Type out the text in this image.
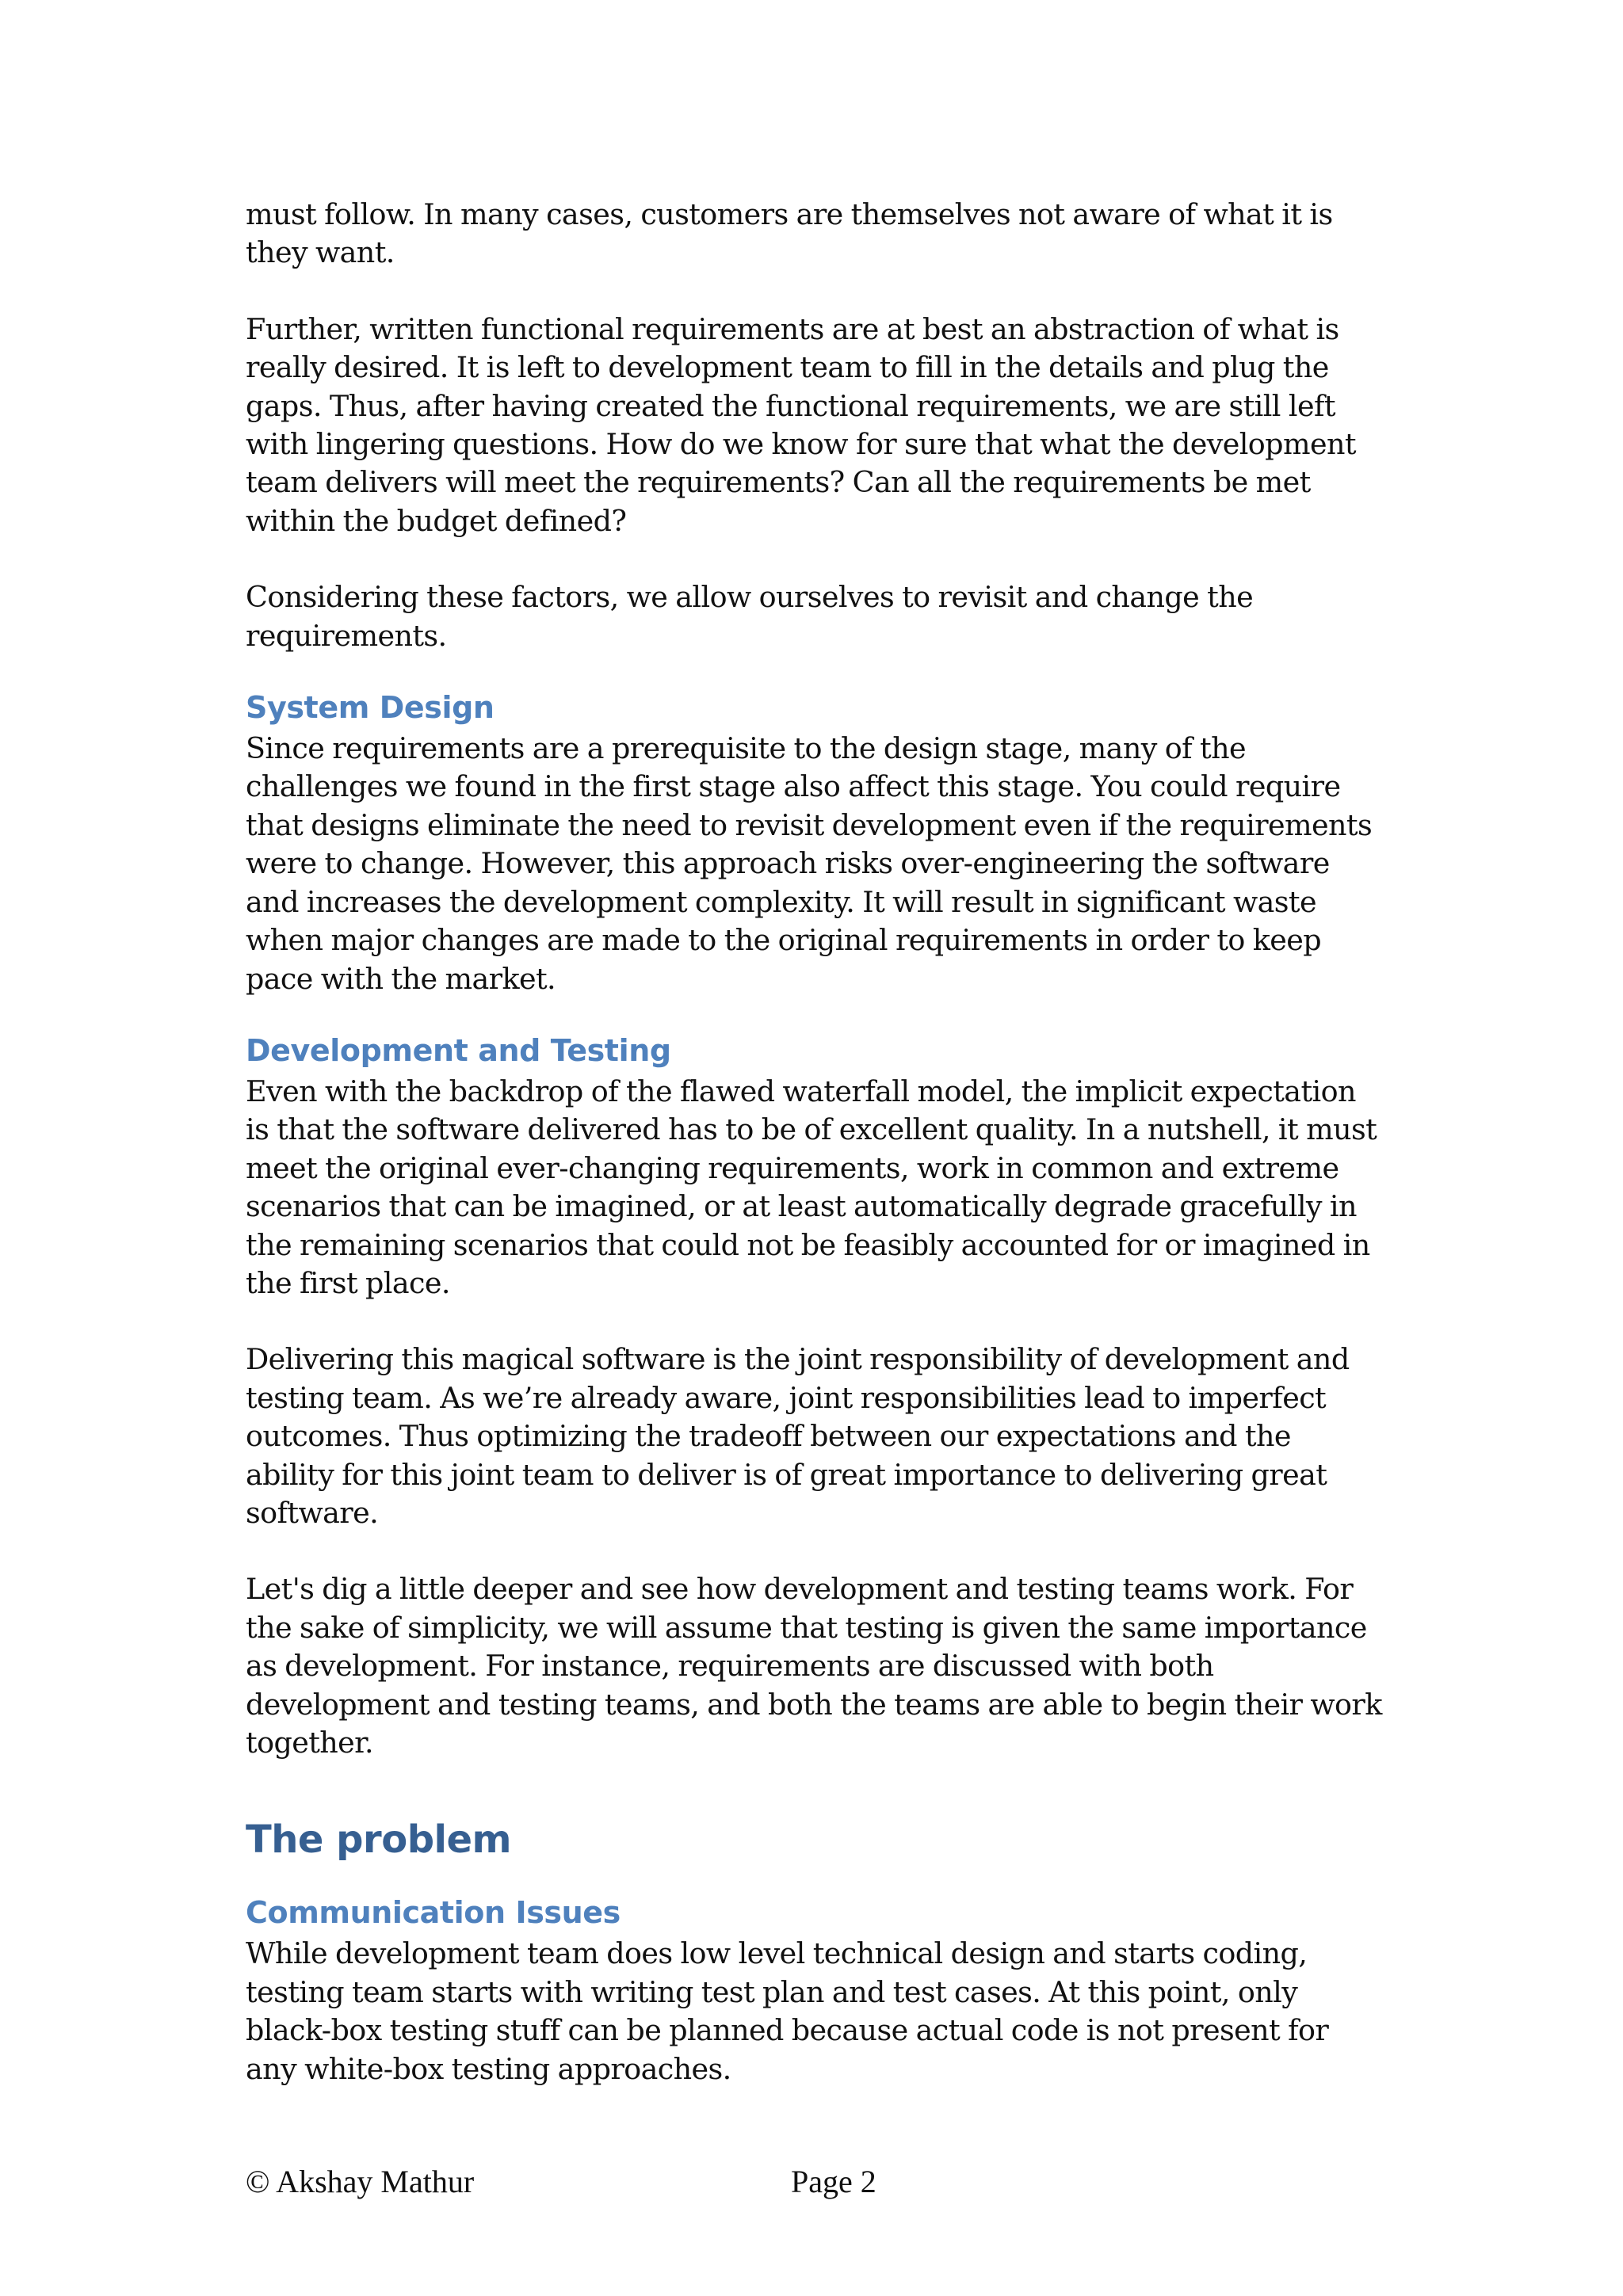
must follow. In many cases, customers are themselves not aware of what it is they want.

Further, written functional requirements are at best an abstraction of what is really desired. It is left to development team to fill in the details and plug the gaps. Thus, after having created the functional requirements, we are still left with lingering questions. How do we know for sure that what the development team delivers will meet the requirements? Can all the requirements be met within the budget defined?

Considering these factors, we allow ourselves to revisit and change the requirements.

System Design

Since requirements are a prerequisite to the design stage, many of the challenges we found in the first stage also affect this stage. You could require that designs eliminate the need to revisit development even if the requirements were to change. However, this approach risks over-engineering the software and increases the development complexity. It will result in significant waste when major changes are made to the original requirements in order to keep pace with the market.

Development and Testing

Even with the backdrop of the flawed waterfall model, the implicit expectation is that the software delivered has to be of excellent quality. In a nutshell, it must meet the original ever-changing requirements, work in common and extreme scenarios that can be imagined, or at least automatically degrade gracefully in the remaining scenarios that could not be feasibly accounted for or imagined in the first place.

Delivering this magical software is the joint responsibility of development and testing team. As we’re already aware, joint responsibilities lead to imperfect outcomes. Thus optimizing the tradeoff between our expectations and the ability for this joint team to deliver is of great importance to delivering great software.

Let's dig a little deeper and see how development and testing teams work. For the sake of simplicity, we will assume that testing is given the same importance as development. For instance, requirements are discussed with both development and testing teams, and both the teams are able to begin their work together.

The problem
Communication Issues

While development team does low level technical design and starts coding, testing team starts with writing test plan and test cases. At this point, only black-box testing stuff can be planned because actual code is not present for any white-box testing approaches.

© Akshay Mathur	Page 2
